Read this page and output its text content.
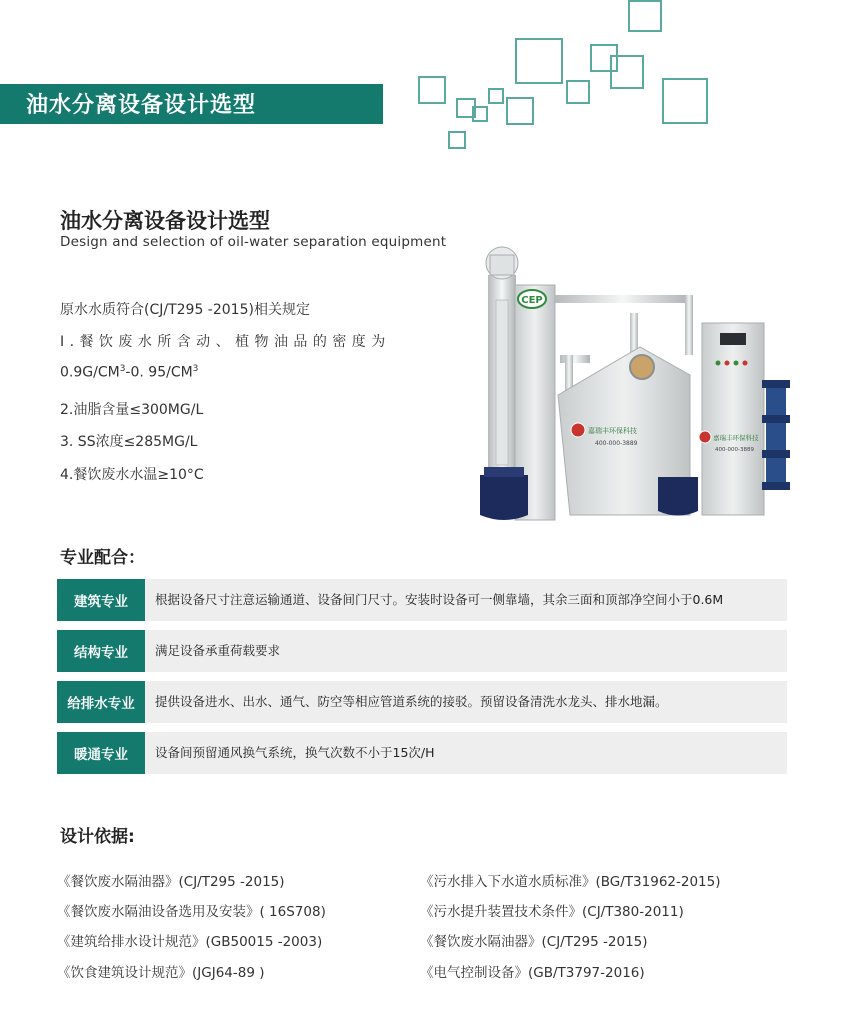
油水分离设备设计选型
油水分离设备设计选型
Design and selection of oil-water separation equipment
原水水质符合(CJ/T295 -2015)相关规定
I . 餐 饮 废 水 所 含 动 、 植 物 油 品 的 密 度 为
$0.9G/CM^3-0$. $95/CM^3$
2.油脂含量≤300MG/L
3. SS浓度≤285MG/L
4.餐饮废水水温≥10°C
CEP
嘉瑞丰环保科技
400-000-3889
嘉瑞丰环保科技
400-000-3889
专业配合：
建筑专业	根据设备尺寸注意运输通道、设备间门尺寸。安装时设备可一侧靠墙，其余三面和顶部净空间小于0.6M
结构专业	满足设备承重荷载要求
给排水专业	提供设备进水、出水、通气、防空等相应管道系统的接驳。预留设备清洗水龙头、排水地漏。
暖通专业	设备间预留通风换气系统，换气次数不小于15次/H
设计依据:
《餐饮废水隔油器》(CJ/T295 -2015)
《餐饮废水隔油设备选用及安装》( 16S708)
《建筑给排水设计规范》(GB50015 -2003)
《饮食建筑设计规范》(JGJ64-89 )
《污水排入下水道水质标准》(BG/T31962-2015)
《污水提升装置技术条件》(CJ/T380-2011)
《餐饮废水隔油器》(CJ/T295 -2015)
《电气控制设备》(GB/T3797-2016)
